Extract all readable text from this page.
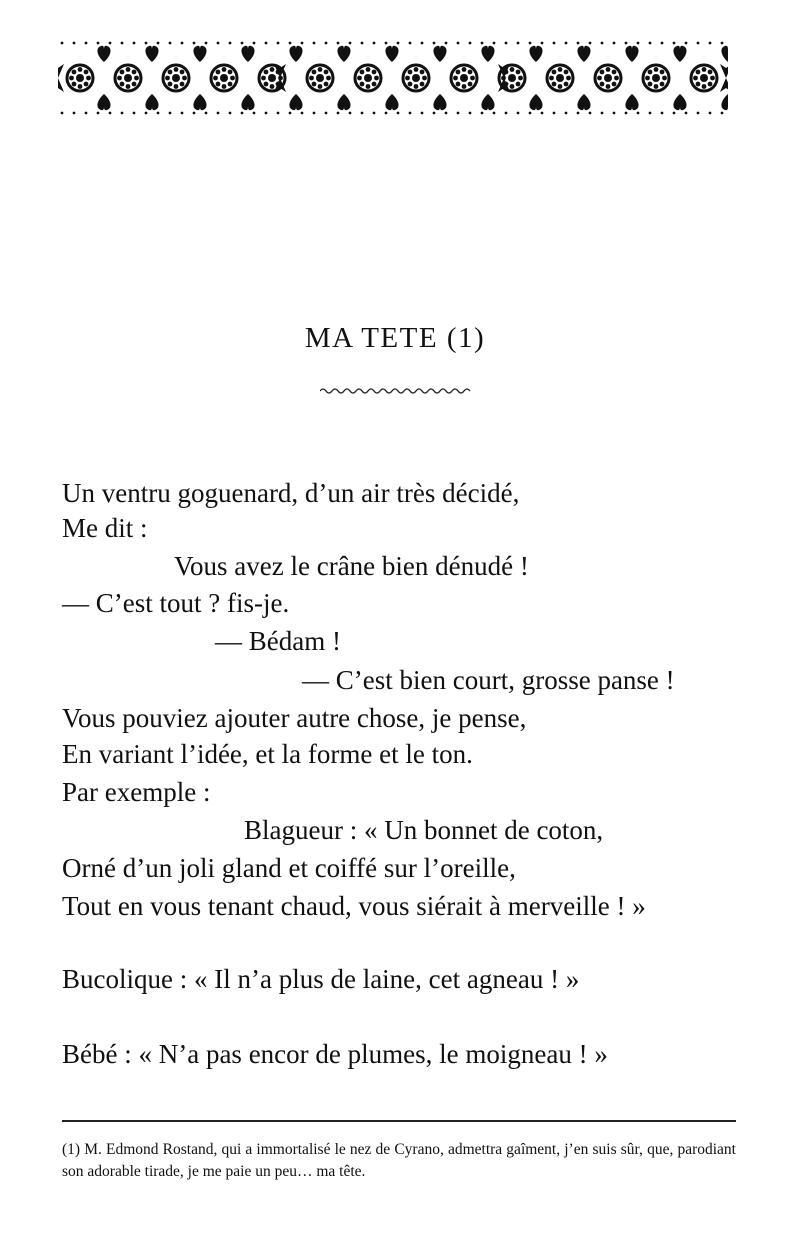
MA TETE (1)
Un ventru goguenard, d’un air très décidé,
Me dit :
Vous avez le crâne bien dénudé !
— C’est tout ? fis-je.
— Bédam !
— C’est bien court, grosse panse !
Vous pouviez ajouter autre chose, je pense,
En variant l’idée, et la forme et le ton.
Par exemple :
Blagueur : « Un bonnet de coton,
Orné d’un joli gland et coiffé sur l’oreille,
Tout en vous tenant chaud, vous siérait à merveille ! »
Bucolique : « Il n’a plus de laine, cet agneau ! »
Bébé : « N’a pas encor de plumes, le moigneau ! »
(1) M. Edmond Rostand, qui a immortalisé le nez de Cyrano, admettra gaîment, j’en suis sûr, que, parodiant son adorable tirade, je me paie un peu… ma tête.
